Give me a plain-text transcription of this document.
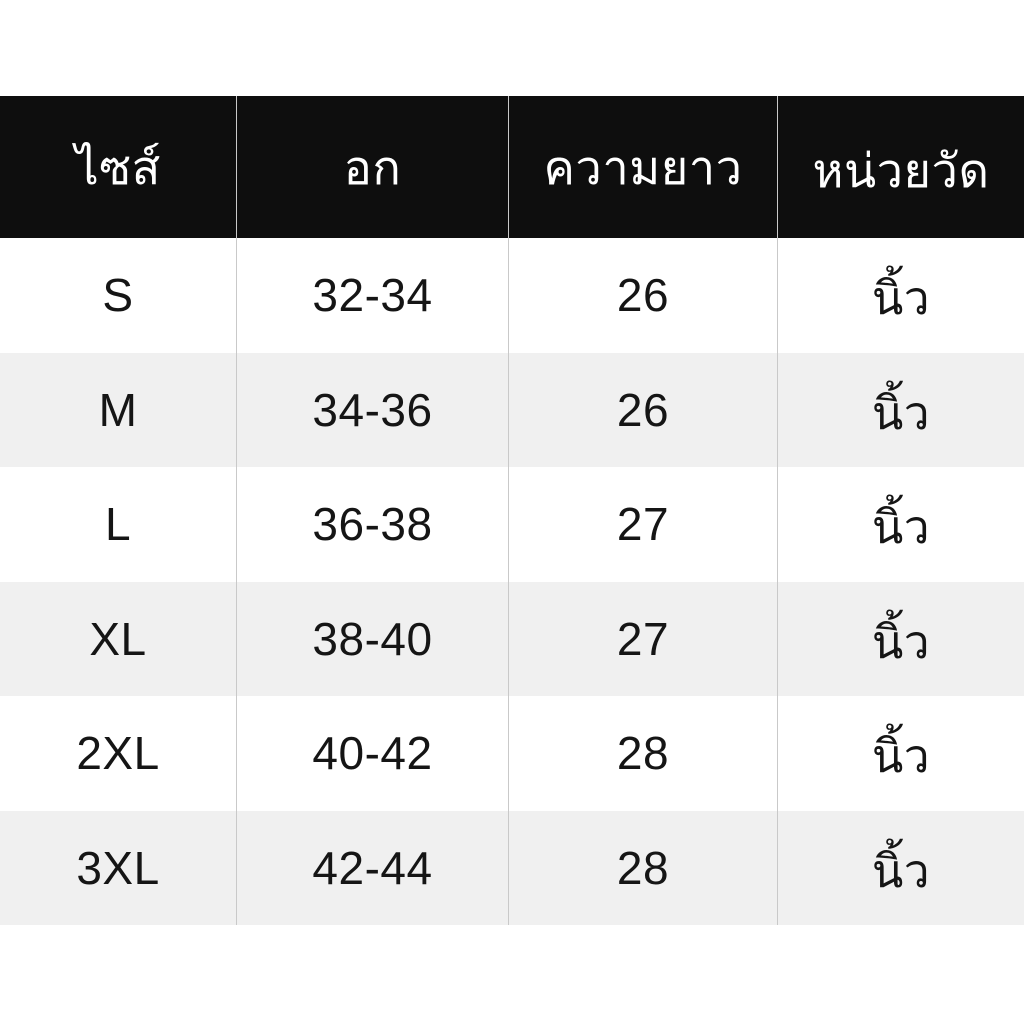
ไซส์	อก	ความยาว	หน่วยวัด
S	32-34	26	นิ้ว
M	34-36	26	นิ้ว
L	36-38	27	นิ้ว
XL	38-40	27	นิ้ว
2XL	40-42	28	นิ้ว
3XL	42-44	28	นิ้ว
